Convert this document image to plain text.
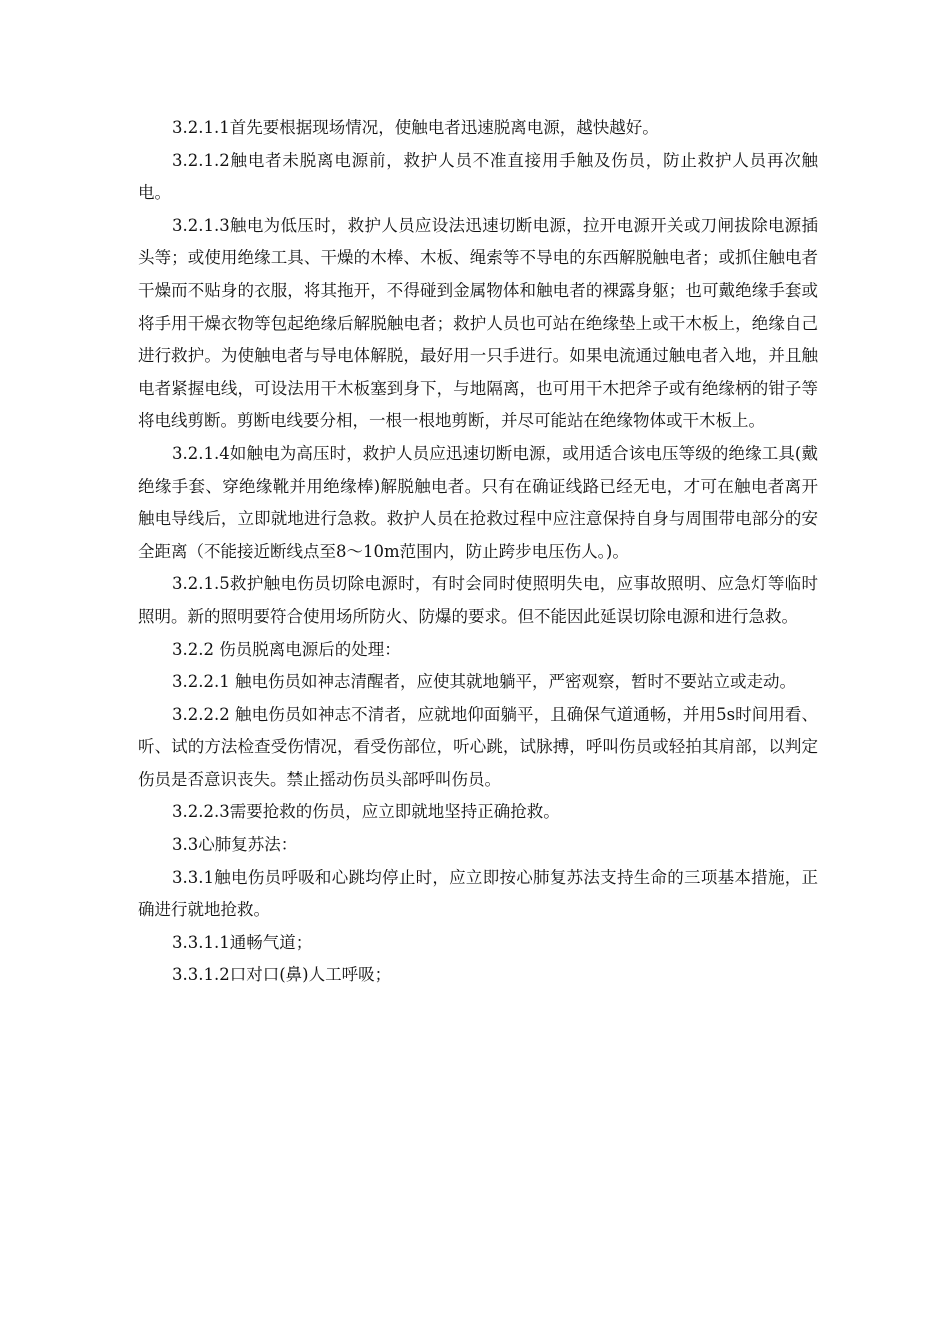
3.2.1.1首先要根据现场情况，使触电者迅速脱离电源，越快越好。

3.2.1.2触电者未脱离电源前，救护人员不准直接用手触及伤员，防止救护人员再次触电。

3.2.1.3触电为低压时，救护人员应设法迅速切断电源，拉开电源开关或刀闸拔除电源插头等；或使用绝缘工具、干燥的木棒、木板、绳索等不导电的东西解脱触电者；或抓住触电者干燥而不贴身的衣服，将其拖开，不得碰到金属物体和触电者的裸露身躯；也可戴绝缘手套或将手用干燥衣物等包起绝缘后解脱触电者；救护人员也可站在绝缘垫上或干木板上，绝缘自己进行救护。为使触电者与导电体解脱，最好用一只手进行。如果电流通过触电者入地，并且触电者紧握电线，可设法用干木板塞到身下，与地隔离，也可用干木把斧子或有绝缘柄的钳子等将电线剪断。剪断电线要分相，一根一根地剪断，并尽可能站在绝缘物体或干木板上。

3.2.1.4如触电为高压时，救护人员应迅速切断电源，或用适合该电压等级的绝缘工具(戴绝缘手套、穿绝缘靴并用绝缘棒)解脱触电者。只有在确证线路已经无电，才可在触电者离开触电导线后，立即就地进行急救。救护人员在抢救过程中应注意保持自身与周围带电部分的安全距离（不能接近断线点至8～10m范围内，防止跨步电压伤人。)。

3.2.1.5救护触电伤员切除电源时，有时会同时使照明失电，应事故照明、应急灯等临时照明。新的照明要符合使用场所防火、防爆的要求。但不能因此延误切除电源和进行急救。

3.2.2 伤员脱离电源后的处理：

3.2.2.1 触电伤员如神志清醒者，应使其就地躺平，严密观察，暂时不要站立或走动。

3.2.2.2 触电伤员如神志不清者，应就地仰面躺平，且确保气道通畅，并用5s时间用看、听、试的方法检查受伤情况，看受伤部位，听心跳，试脉搏，呼叫伤员或轻拍其肩部，以判定伤员是否意识丧失。禁止摇动伤员头部呼叫伤员。

3.2.2.3需要抢救的伤员，应立即就地坚持正确抢救。

3.3心肺复苏法：

3.3.1触电伤员呼吸和心跳均停止时，应立即按心肺复苏法支持生命的三项基本措施，正确进行就地抢救。

3.3.1.1通畅气道；

3.3.1.2口对口(鼻)人工呼吸；
